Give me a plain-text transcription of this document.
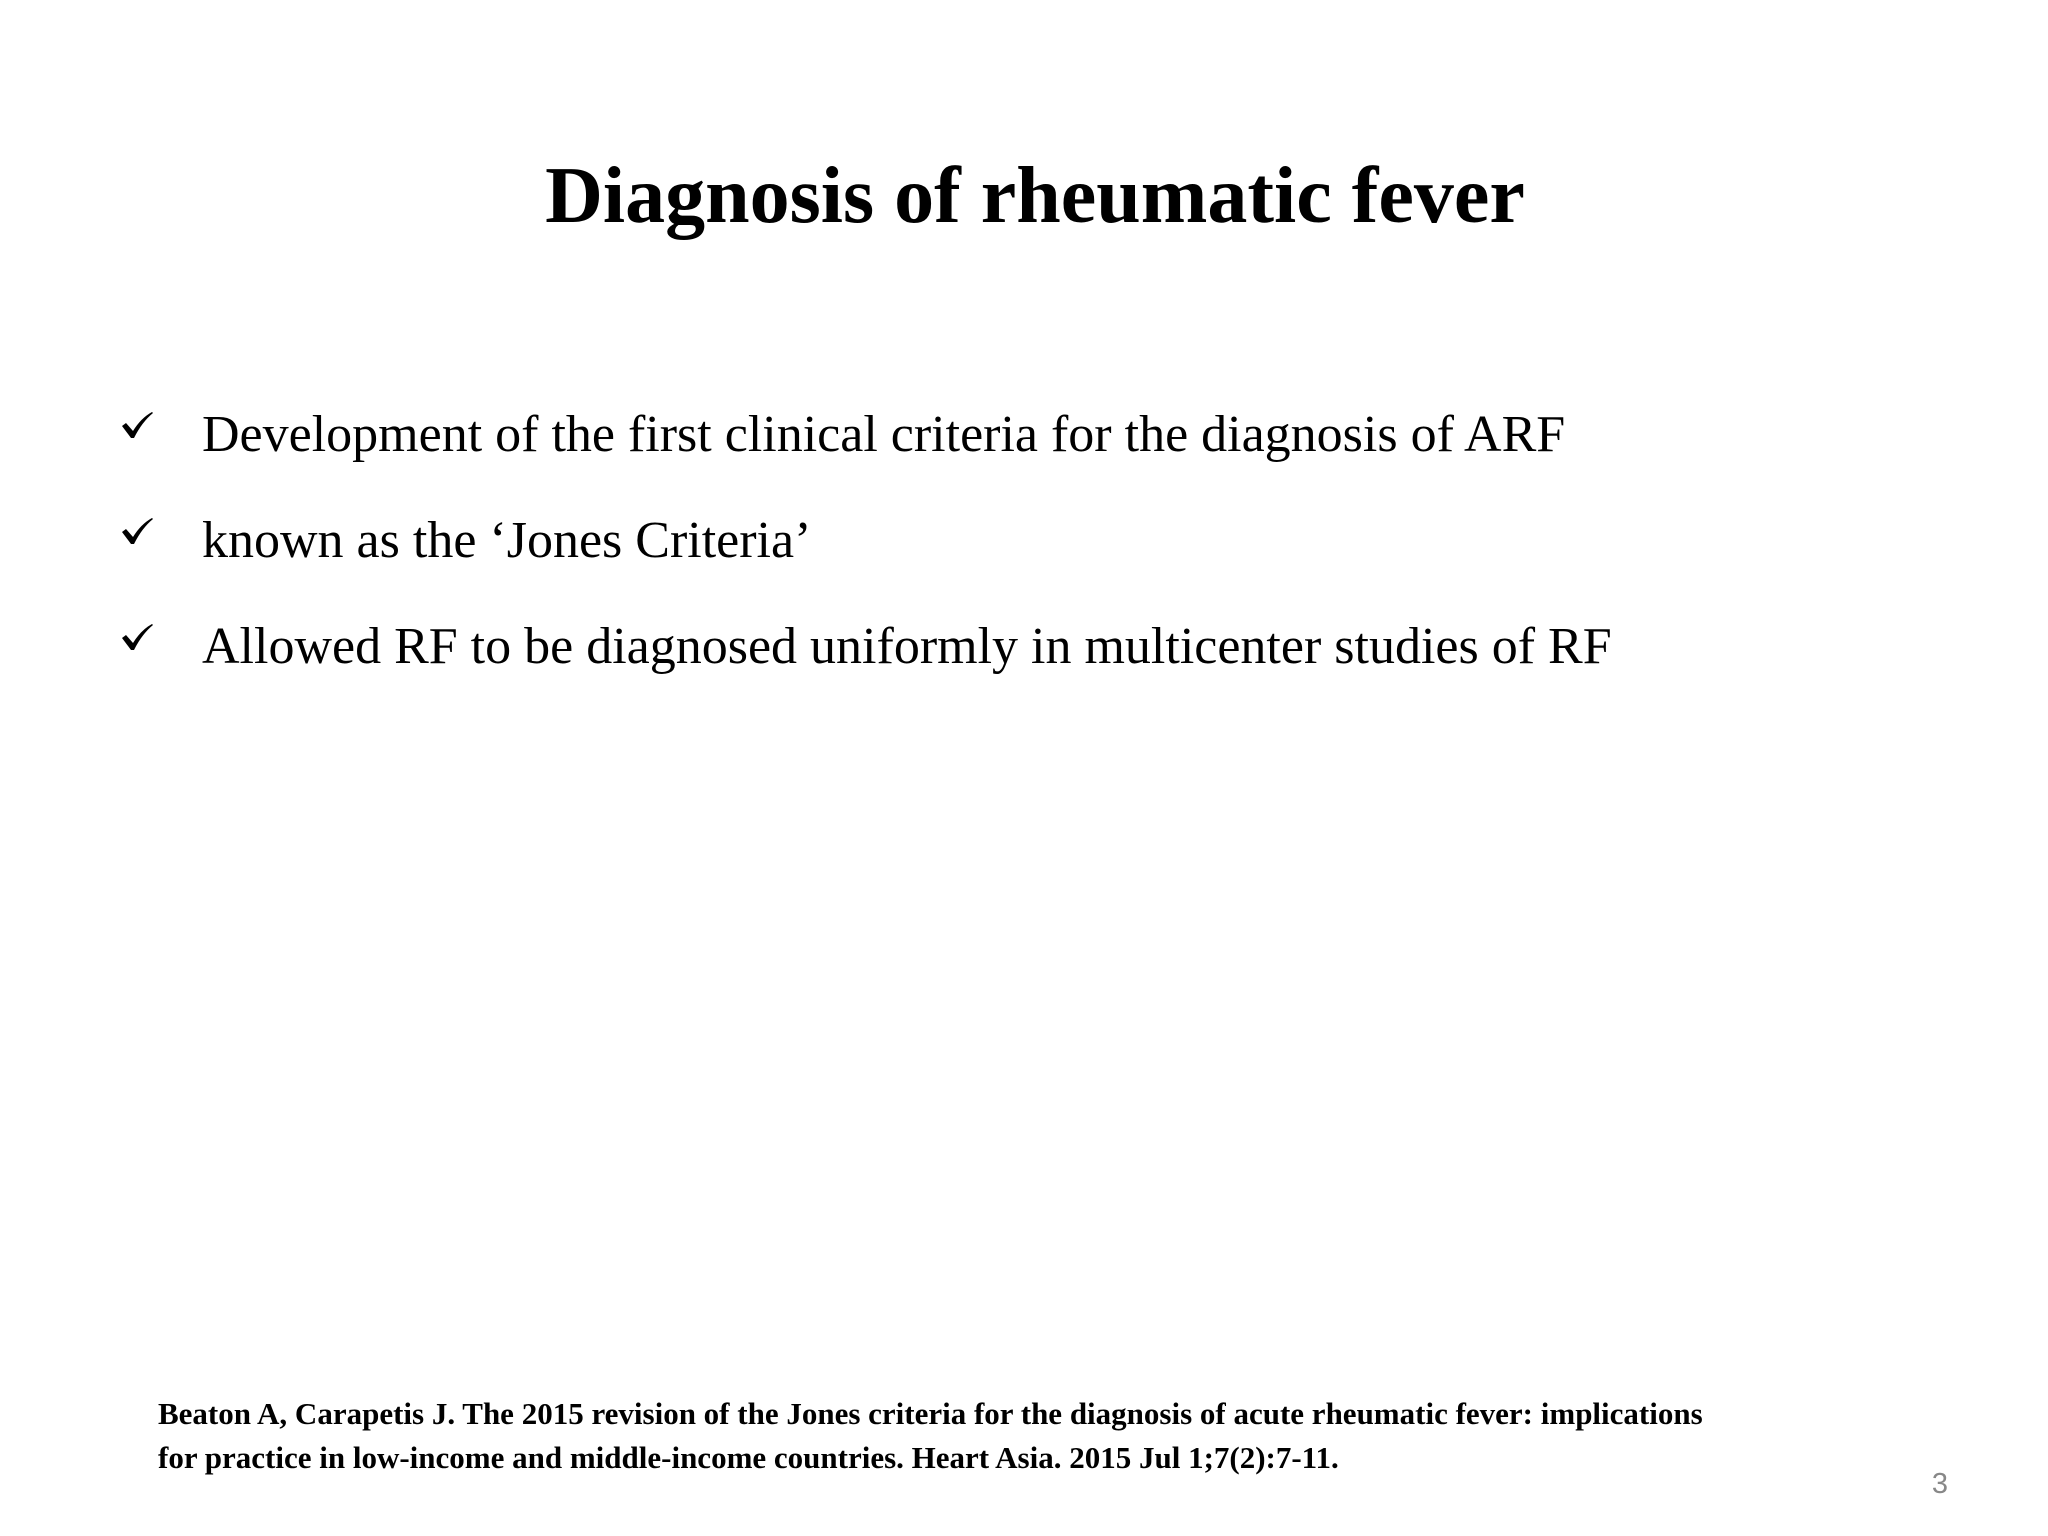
Diagnosis of rheumatic fever
Development of the first clinical criteria for the diagnosis of ARF
known as the ‘Jones Criteria’
Allowed RF to be diagnosed uniformly in multicenter studies of RF
Beaton A, Carapetis J. The 2015 revision of the Jones criteria for the diagnosis of acute rheumatic fever: implications
for practice in low-income and middle-income countries. Heart Asia. 2015 Jul 1;7(2):7-11.
3
